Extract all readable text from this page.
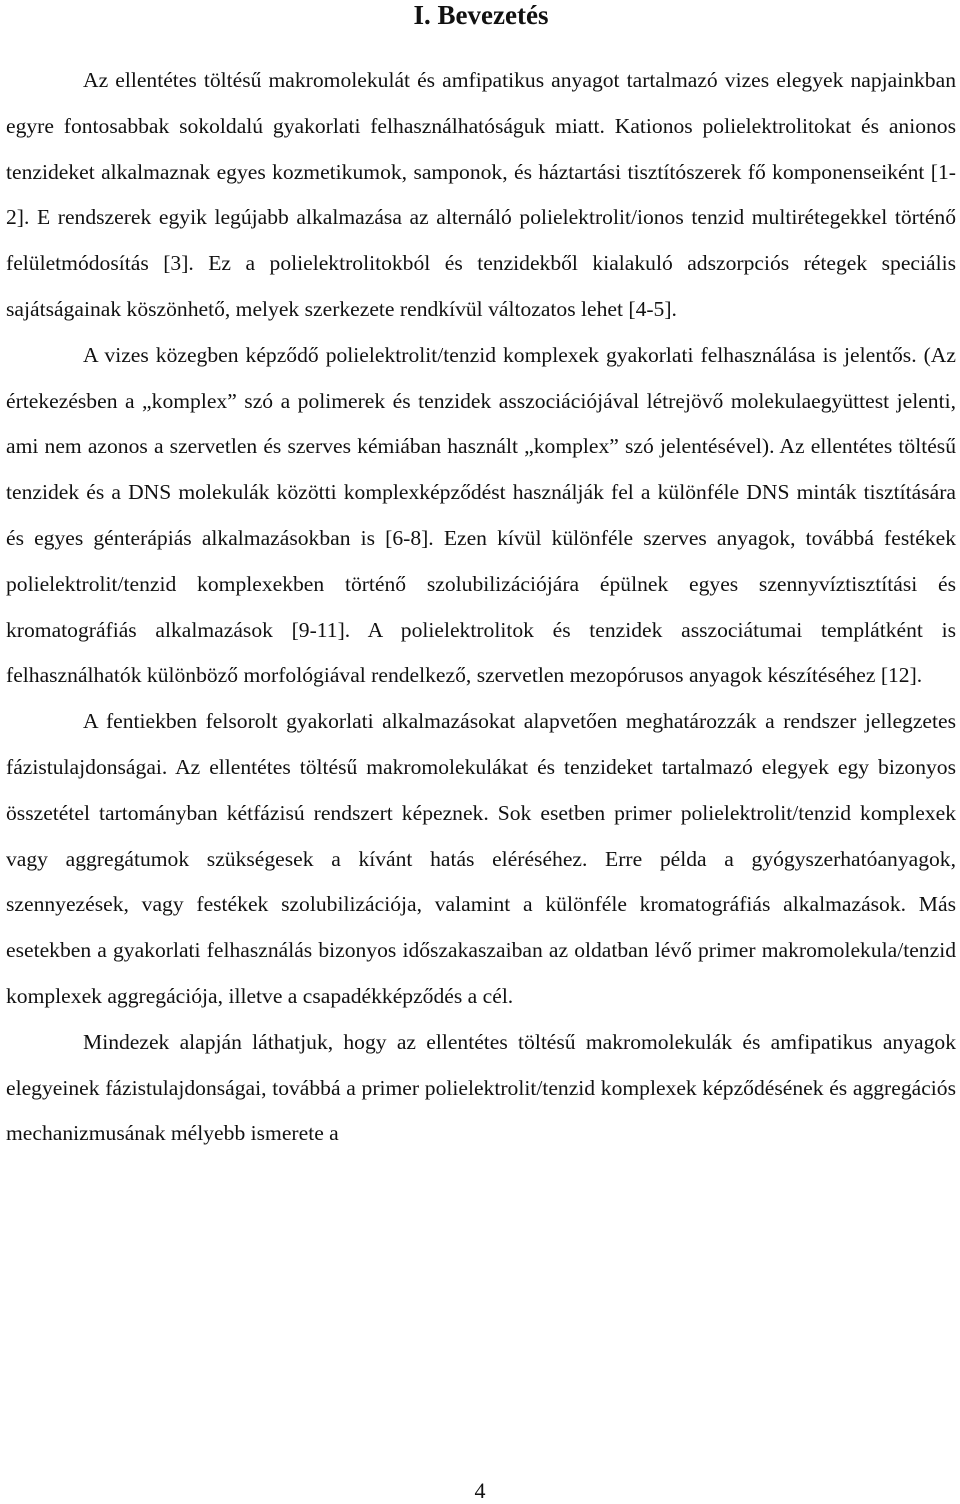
I. Bevezetés

Az ellentétes töltésű makromolekulát és amfipatikus anyagot tartalmazó vizes elegyek napjainkban egyre fontosabbak sokoldalú gyakorlati felhasználhatóságuk miatt. Kationos polielektrolitokat és anionos tenzideket alkalmaznak egyes kozmetikumok, samponok, és háztartási tisztítószerek fő komponenseiként [1-2]. E rendszerek egyik legújabb alkalmazása az alternáló polielektrolit/ionos tenzid multirétegekkel történő felületmódosítás [3]. Ez a polielektrolitokból és tenzidekből kialakuló adszorpciós rétegek speciális sajátságainak köszönhető, melyek szerkezete rendkívül változatos lehet [4-5].

A vizes közegben képződő polielektrolit/tenzid komplexek gyakorlati felhasználása is jelentős. (Az értekezésben a „komplex” szó a polimerek és tenzidek asszociációjával létrejövő molekulaegyüttest jelenti, ami nem azonos a szervetlen és szerves kémiában használt „komplex” szó jelentésével). Az ellentétes töltésű tenzidek és a DNS molekulák közötti komplexképződést használják fel a különféle DNS minták tisztítására és egyes génterápiás alkalmazásokban is [6-8]. Ezen kívül különféle szerves anyagok, továbbá festékek polielektrolit/tenzid komplexekben történő szolubilizációjára épülnek egyes szennyvíztisztítási és kromatográfiás alkalmazások [9-11]. A polielektrolitok és tenzidek asszociátumai templátként is felhasználhatók különböző morfológiával rendelkező, szervetlen mezopórusos anyagok készítéséhez [12].

A fentiekben felsorolt gyakorlati alkalmazásokat alapvetően meghatározzák a rendszer jellegzetes fázistulajdonságai. Az ellentétes töltésű makromolekulákat és tenzideket tartalmazó elegyek egy bizonyos összetétel tartományban kétfázisú rendszert képeznek. Sok esetben primer polielektrolit/tenzid komplexek vagy aggregátumok szükségesek a kívánt hatás eléréséhez. Erre példa a gyógyszerhatóanyagok, szennyezések, vagy festékek szolubilizációja, valamint a különféle kromatográfiás alkalmazások. Más esetekben a gyakorlati felhasználás bizonyos időszakaszaiban az oldatban lévő primer makromolekula/tenzid komplexek aggregációja, illetve a csapadékképződés a cél.

Mindezek alapján láthatjuk, hogy az ellentétes töltésű makromolekulák és amfipatikus anyagok elegyeinek fázistulajdonságai, továbbá a primer polielektrolit/tenzid komplexek képződésének és aggregációs mechanizmusának mélyebb ismerete a

4
